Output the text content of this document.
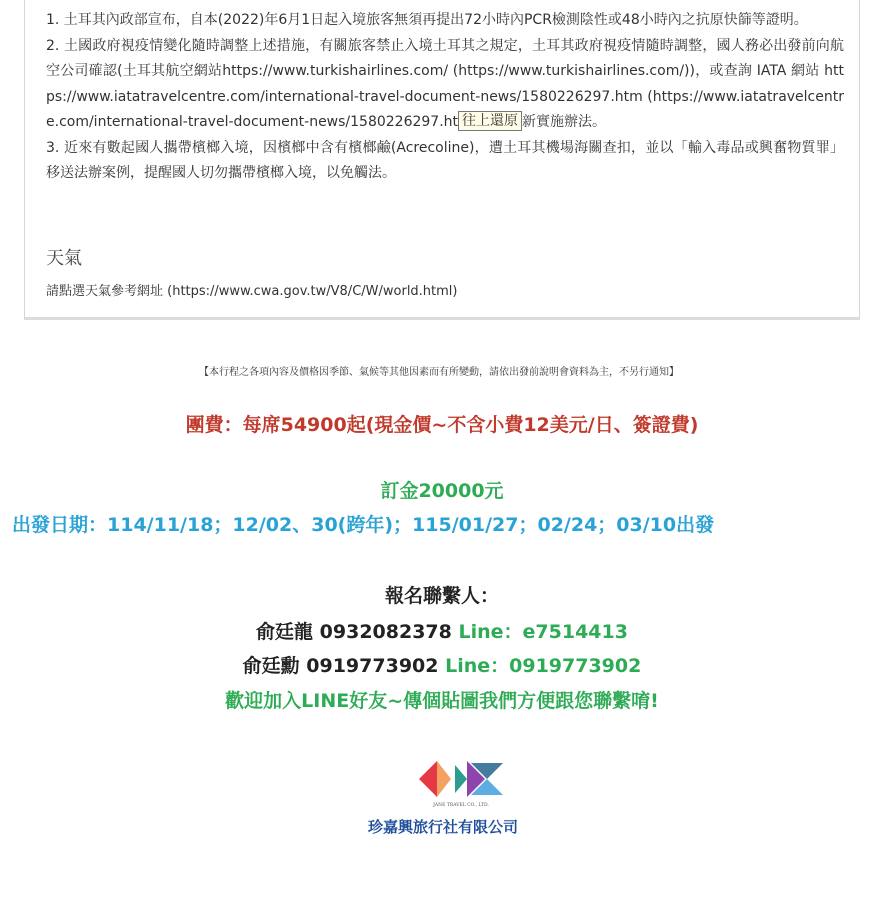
1. 土耳其內政部宣布，自本(2022)年6月1日起入境旅客無須再提出72小時內PCR檢測陰性或48小時內之抗原快篩等證明。

2. 土國政府視疫情變化隨時調整上述措施，有關旅客禁止入境土耳其之規定，土耳其政府視疫情隨時調整，國人務必出發前向航空公司確認(土耳其航空網站https://www.turkishairlines.com/ (https://www.turkishairlines.com/))，或查詢 IATA 網站 https://www.iatatravelcentre.com/international-travel-document-news/1580226297.htm (https://www.iatatravelcentre.com/international-travel-document-news/1580226297.ht 往上還原 新實施辦法。

3. 近來有數起國人攜帶檳榔入境，因檳榔中含有檳榔鹼(Acrecoline)，遭土耳其機場海關查扣，並以「輸入毒品或興奮物質罪」移送法辦案例，提醒國人切勿攜帶檳榔入境，以免觸法。

天氣
請點選天氣參考網址 (https://www.cwa.gov.tw/V8/C/W/world.html)
【本行程之各項內容及價格因季節、氣候等其他因素而有所變動，請依出發前說明會資料為主，不另行通知】
團費：每席54900起(現金價~不含小費12美元/日、簽證費)
訂金20000元
出發日期：114/11/18；12/02、30(跨年)；115/01/27；02/24；03/10出發
報名聯繫人：
俞廷龍 0932082378 Line：e7514413
俞廷勳 0919773902 Line：0919773902
歡迎加入LINE好友~傳個貼圖我們方便跟您聯繫唷!
JANE TRAVEL CO., LTD.
珍嘉興旅行社有限公司
